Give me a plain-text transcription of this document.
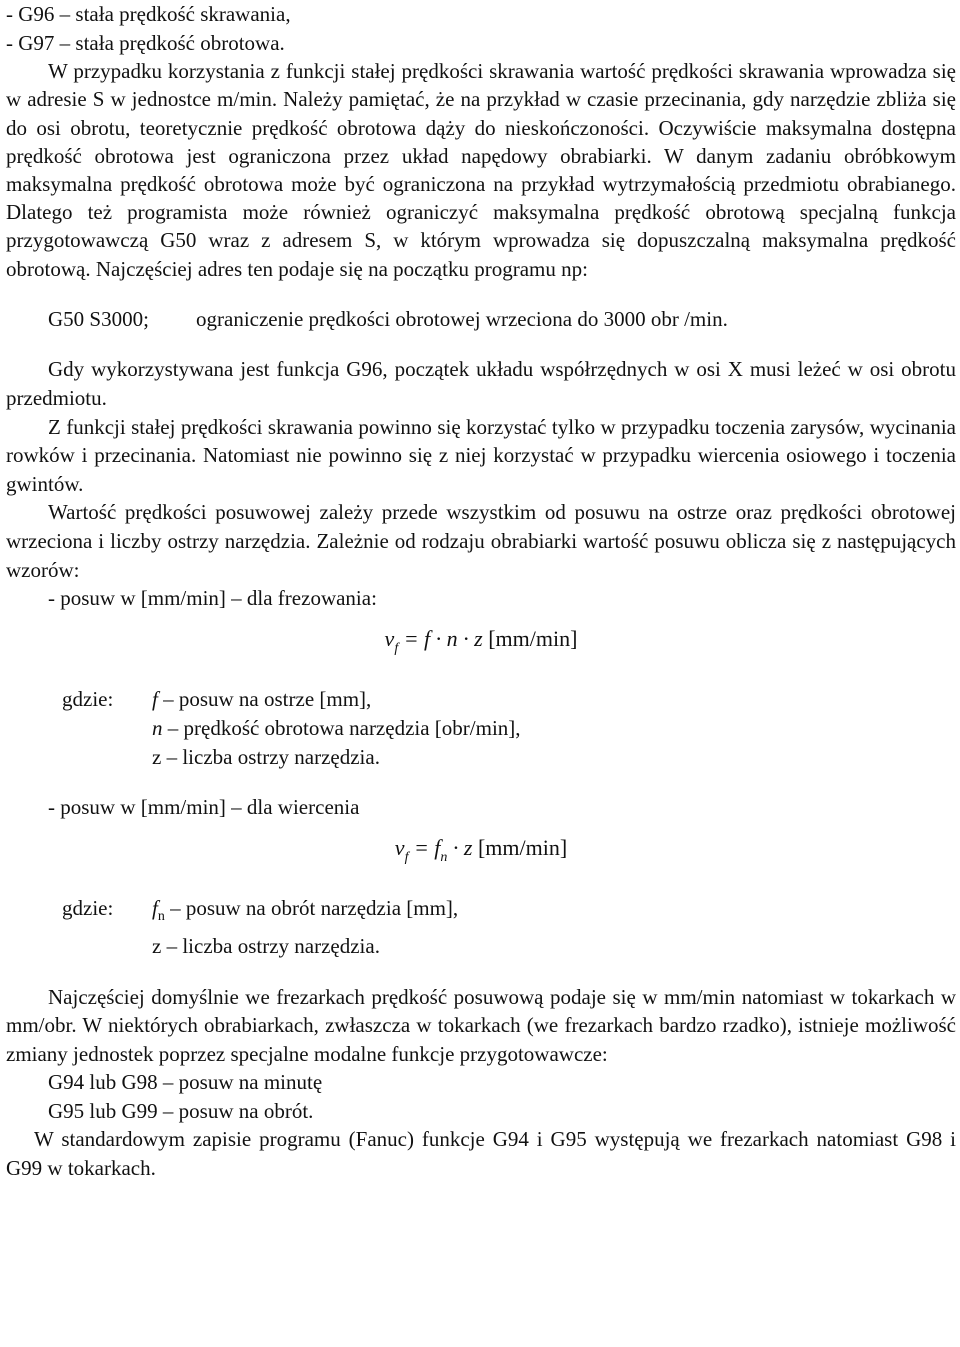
- G96 – stała prędkość skrawania,

- G97 – stała prędkość obrotowa.

W przypadku korzystania z funkcji stałej prędkości skrawania wartość prędkości skrawania wprowadza się w adresie S w jednostce m/min. Należy pamiętać, że na przykład w czasie przecinania, gdy narzędzie zbliża się do osi obrotu, teoretycznie prędkość obrotowa dąży do nieskończoności. Oczywiście maksymalna dostępna prędkość obrotowa jest ograniczona przez układ napędowy obrabiarki. W danym zadaniu obróbkowym maksymalna prędkość obrotowa może być ograniczona na przykład wytrzymałością przedmiotu obrabianego. Dlatego też programista może również ograniczyć maksymalna prędkość obrotową specjalną funkcja przygotowawczą G50 wraz z adresem S, w którym wprowadza się dopuszczalną maksymalna prędkość obrotową. Najczęściej adres ten podaje się na początku programu np:

G50 S3000;	ograniczenie prędkości obrotowej wrzeciona do 3000 obr /min.

Gdy wykorzystywana jest funkcja G96, początek układu współrzędnych w osi X musi leżeć w osi obrotu przedmiotu.

Z funkcji stałej prędkości skrawania powinno się korzystać tylko w przypadku toczenia zarysów, wycinania rowków i przecinania. Natomiast nie powinno się z niej korzystać w przypadku wiercenia osiowego i toczenia gwintów.

Wartość prędkości posuwowej zależy przede wszystkim od posuwu na ostrze oraz prędkości obrotowej wrzeciona i liczby ostrzy narzędzia. Zależnie od rodzaju obrabiarki wartość posuwu oblicza się z następujących wzorów:

- posuw w [mm/min] – dla frezowania:

$v_f = f \cdot n \cdot z$ [mm/min]

gdzie:	f – posuw na ostrze [mm],
n – prędkość obrotowa narzędzia [obr/min],
z – liczba ostrzy narzędzia.

- posuw w [mm/min] – dla wiercenia

$v_f = f_n \cdot z$ [mm/min]

gdzie:	$f_n$ – posuw na obrót narzędzia [mm],
z – liczba ostrzy narzędzia.

Najczęściej domyślnie we frezarkach prędkość posuwową podaje się w mm/min natomiast w tokarkach w mm/obr. W niektórych obrabiarkach, zwłaszcza w tokarkach (we frezarkach bardzo rzadko), istnieje możliwość zmiany jednostek poprzez specjalne modalne funkcje przygotowawcze:

G94 lub G98 – posuw na minutę

G95 lub G99 – posuw na obrót.

W standardowym zapisie programu (Fanuc) funkcje G94 i G95 występują we frezarkach natomiast G98 i G99 w tokarkach.
